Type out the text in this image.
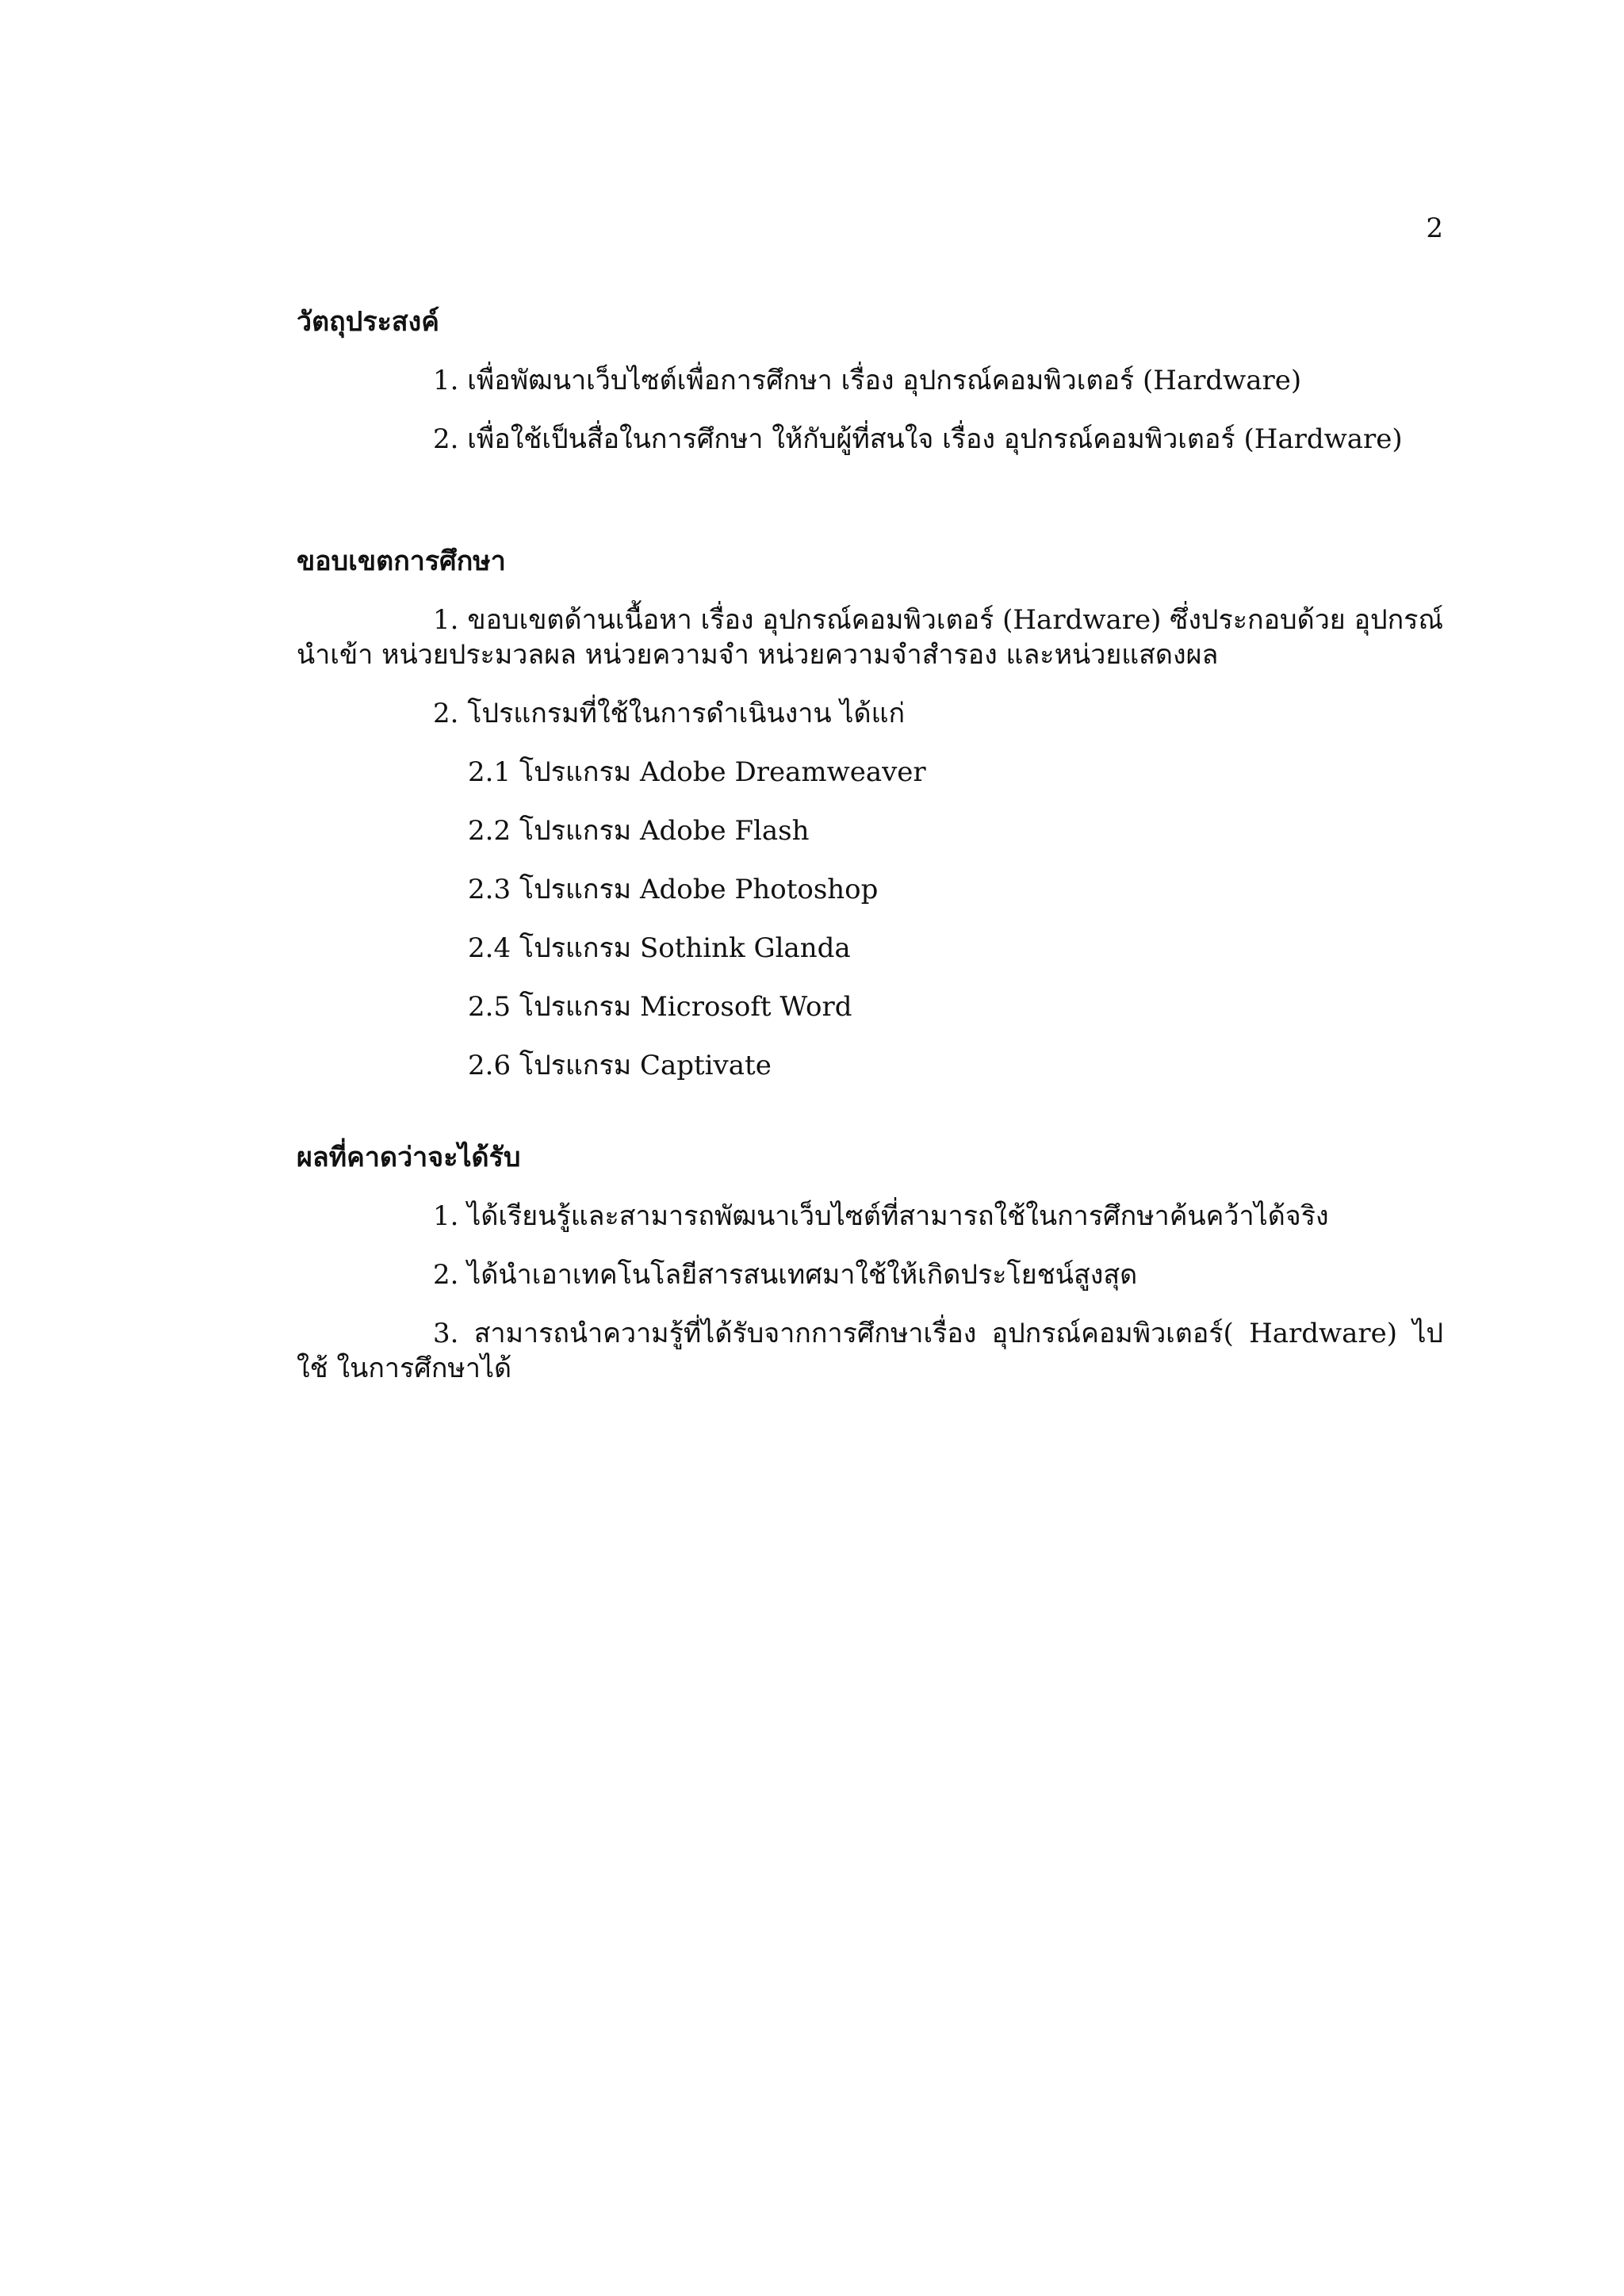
2
วัตถุประสงค์
1. เพื่อพัฒนาเว็บไซต์เพื่อการศึกษา เรื่อง อุปกรณ์คอมพิวเตอร์ (Hardware)
2. เพื่อใช้เป็นสื่อในการศึกษา ให้กับผู้ที่สนใจ เรื่อง อุปกรณ์คอมพิวเตอร์ (Hardware)
ขอบเขตการศึกษา
1. ขอบเขตด้านเนื้อหา เรื่อง อุปกรณ์คอมพิวเตอร์ (Hardware) ซึ่งประกอบด้วย อุปกรณ์นำเข้า หน่วยประมวลผล หน่วยความจำ หน่วยความจำสำรอง และหน่วยแสดงผล
2. โปรแกรมที่ใช้ในการดำเนินงาน ได้แก่
2.1 โปรแกรม Adobe Dreamweaver
2.2 โปรแกรม Adobe Flash
2.3 โปรแกรม Adobe Photoshop
2.4 โปรแกรม Sothink Glanda
2.5 โปรแกรม Microsoft Word
2.6 โปรแกรม Captivate
ผลที่คาดว่าจะได้รับ
1. ได้เรียนรู้และสามารถพัฒนาเว็บไซต์ที่สามารถใช้ในการศึกษาค้นคว้าได้จริง
2. ได้นำเอาเทคโนโลยีสารสนเทศมาใช้ให้เกิดประโยชน์สูงสุด
3. สามารถนำความรู้ที่ได้รับจากการศึกษาเรื่อง อุปกรณ์คอมพิวเตอร์( Hardware) ไปใช้ ในการศึกษาได้
